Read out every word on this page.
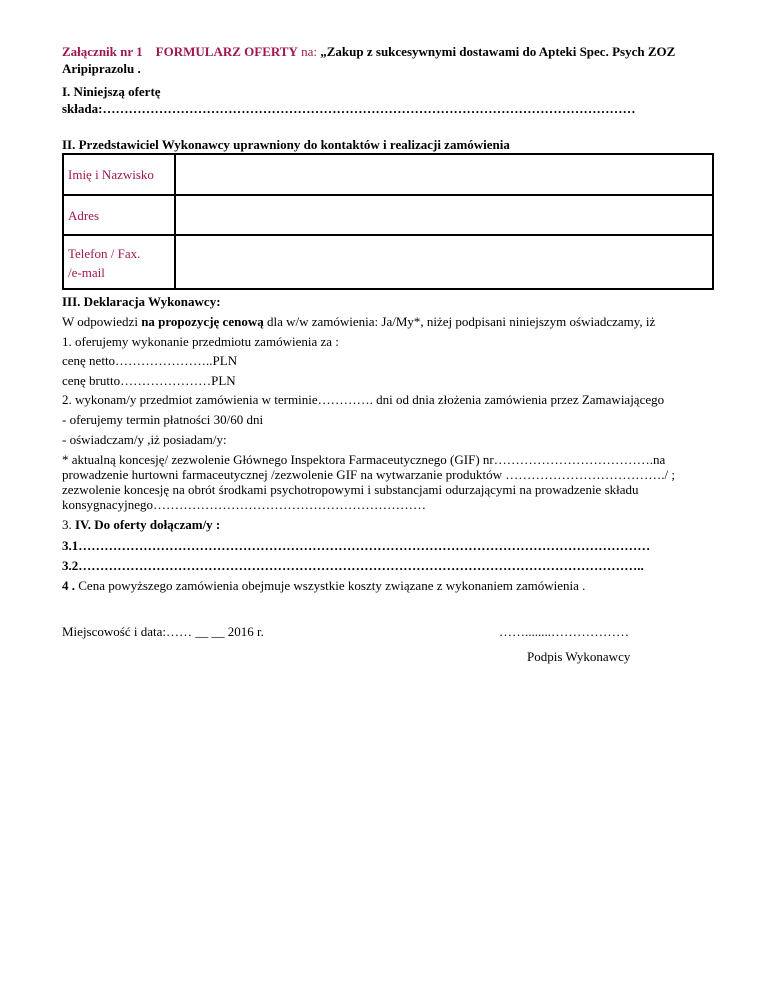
Załącznik nr 1 FORMULARZ OFERTY na: „Zakup z sukcesywnymi dostawami do Apteki Spec. Psych ZOZ
Aripiprazolu .
I. Niniejszą ofertę
składa:……………………………………………………………………………………………………………
II. Przedstawiciel Wykonawcy uprawniony do kontaktów i realizacji zamówienia
Imię i Nazwisko	
Adres	

Telefon / Fax.
/e-mail	

III. Deklaracja Wykonawcy:
W odpowiedzi na propozycję cenową dla w/w zamówienia: Ja/My*, niżej podpisani niniejszym oświadczamy, iż
1. oferujemy wykonanie przedmiotu zamówienia za :
cenę netto…………………..PLN
cenę brutto…………………PLN
2. wykonam/y przedmiot zamówienia w terminie…………. dni od dnia złożenia zamówienia przez Zamawiającego
- oferujemy termin płatności 30/60 dni
- oświadczam/y ,iż posiadam/y:
* aktualną koncesję/ zezwolenie Głównego Inspektora Farmaceutycznego (GIF) nr……………………………….na
prowadzenie hurtowni farmaceutycznej /zezwolenie GIF na wytwarzanie produktów ………………………………./ ;
zezwolenie koncesję na obrót środkami psychotropowymi i substancjami odurzającymi na prowadzenie składu
konsygnacyjnego………………………………………………………
3. IV. Do oferty dołączam/y :
3.1……………………………………………………………………………………………………………………
3.2…………………………………………………………………………………………………………………..
4 . Cena powyższego zamówienia obejmuje wszystkie koszty związane z wykonaniem zamówienia .
Miejscowość i data:…… __ __ 2016 r.	……........………………
Podpis Wykonawcy
